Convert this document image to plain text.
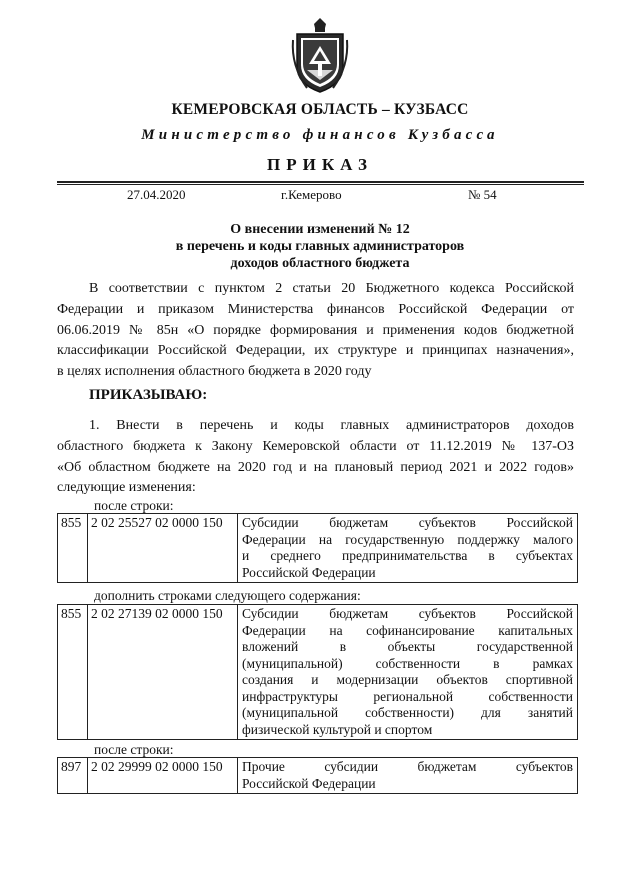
КЕМЕРОВСКАЯ ОБЛАСТЬ – КУЗБАСС
Министерство финансов Кузбасса
ПРИКАЗ
27.04.2020	г.Кемерово	№ 54
О внесении изменений № 12
в перечень и коды главных администраторов
доходов областного бюджета
В соответствии с пунктом 2 статьи 20 Бюджетного кодекса Российской
Федерации и приказом Министерства финансов Российской Федерации от
06.06.2019 № 85н «О порядке формирования и применения кодов бюджетной
классификации Российской Федерации, их структуре и принципах назначения»,
в целях исполнения областного бюджета в 2020 году
ПРИКАЗЫВАЮ:
1. Внести в перечень и коды главных администраторов доходов
областного бюджета к Закону Кемеровской области от 11.12.2019 № 137-ОЗ
«Об областном бюджете на 2020 год и на плановый период 2021 и 2022 годов»
следующие изменения:
после строки:
855	2 02 25527 02 0000 150	Субсидии бюджетам субъектов Российской
Федерации на государственную поддержку малого
и среднего предпринимательства в субъектах
Российской Федерации
дополнить строками следующего содержания:
855	2 02 27139 02 0000 150	Субсидии бюджетам субъектов Российской
Федерации на софинансирование капитальных
вложений в объекты государственной
(муниципальной) собственности в рамках
создания и модернизации объектов спортивной
инфраструктуры региональной собственности
(муниципальной собственности) для занятий
физической культурой и спортом
после строки:
897	2 02 29999 02 0000 150	Прочие субсидии бюджетам субъектов
Российской Федерации
